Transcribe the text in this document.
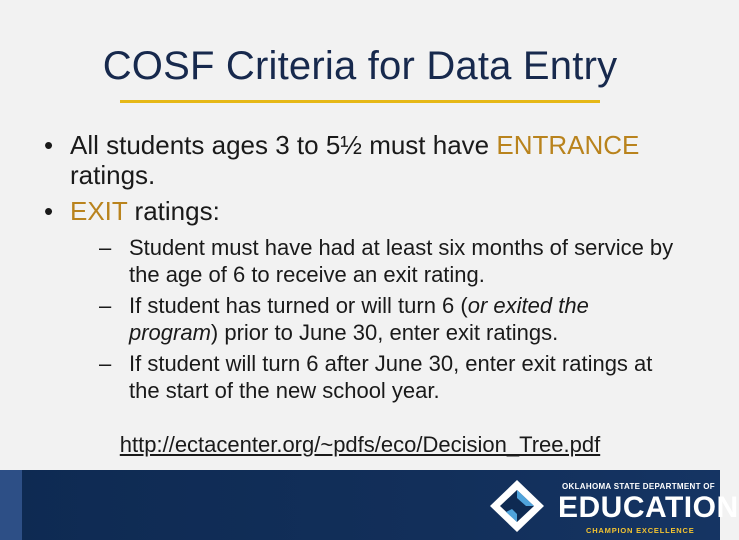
COSF Criteria for Data Entry
• All students ages 3 to 5½ must have ENTRANCE ratings.
• EXIT ratings:
– Student must have had at least six months of service by the age of 6 to receive an exit rating.
– If student has turned or will turn 6 (or exited the program) prior to June 30, enter exit ratings.
– If student will turn 6 after June 30, enter exit ratings at the start of the new school year.
http://ectacenter.org/~pdfs/eco/Decision_Tree.pdf
OKLAHOMA STATE DEPARTMENT OF
EDUCATION
CHAMPION EXCELLENCE
